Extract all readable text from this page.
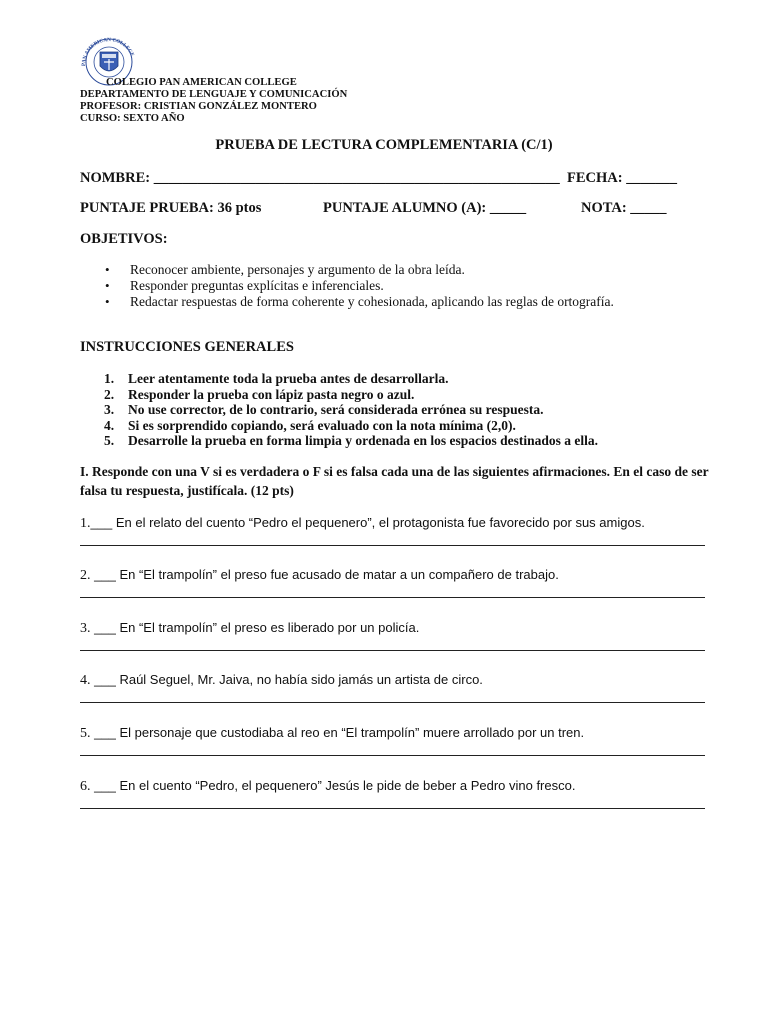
PAN AMERICAN COLLEGE
COLEGIO PAN AMERICAN COLLEGE
DEPARTAMENTO DE LENGUAJE Y COMUNICACIÓN
PROFESOR: CRISTIAN GONZÁLEZ MONTERO
CURSO: SEXTO AÑO
PRUEBA DE LECTURA COMPLEMENTARIA (C/1)
NOMBRE: ________________________________________________________ FECHA: _______
PUNTAJE PRUEBA: 36 ptos	PUNTAJE ALUMNO (A): _____	NOTA: _____
OBJETIVOS:
• Reconocer ambiente, personajes y argumento de la obra leída.
• Responder preguntas explícitas e inferenciales.
• Redactar respuestas de forma coherente y cohesionada, aplicando las reglas de ortografía.
INSTRUCCIONES GENERALES
1. Leer atentamente toda la prueba antes de desarrollarla.
2. Responder la prueba con lápiz pasta negro o azul.
3. No use corrector, de lo contrario, será considerada errónea su respuesta.
4. Si es sorprendido copiando, será evaluado con la nota mínima (2,0).
5. Desarrolle la prueba en forma limpia y ordenada en los espacios destinados a ella.
I. Responde con una V si es verdadera o F si es falsa cada una de las siguientes afirmaciones. En el caso de ser falsa tu respuesta, justifícala. (12 pts)
1.___ En el relato del cuento “Pedro el pequenero”, el protagonista fue favorecido por sus amigos.
2. ___ En “El trampolín” el preso fue acusado de matar a un compañero de trabajo.
3. ___ En “El trampolín” el preso es liberado por un policía.
4. ___ Raúl Seguel, Mr. Jaiva, no había sido jamás un artista de circo.
5. ___ El personaje que custodiaba al reo en “El trampolín” muere arrollado por un tren.
6. ___ En el cuento “Pedro, el pequenero” Jesús le pide de beber a Pedro vino fresco.
